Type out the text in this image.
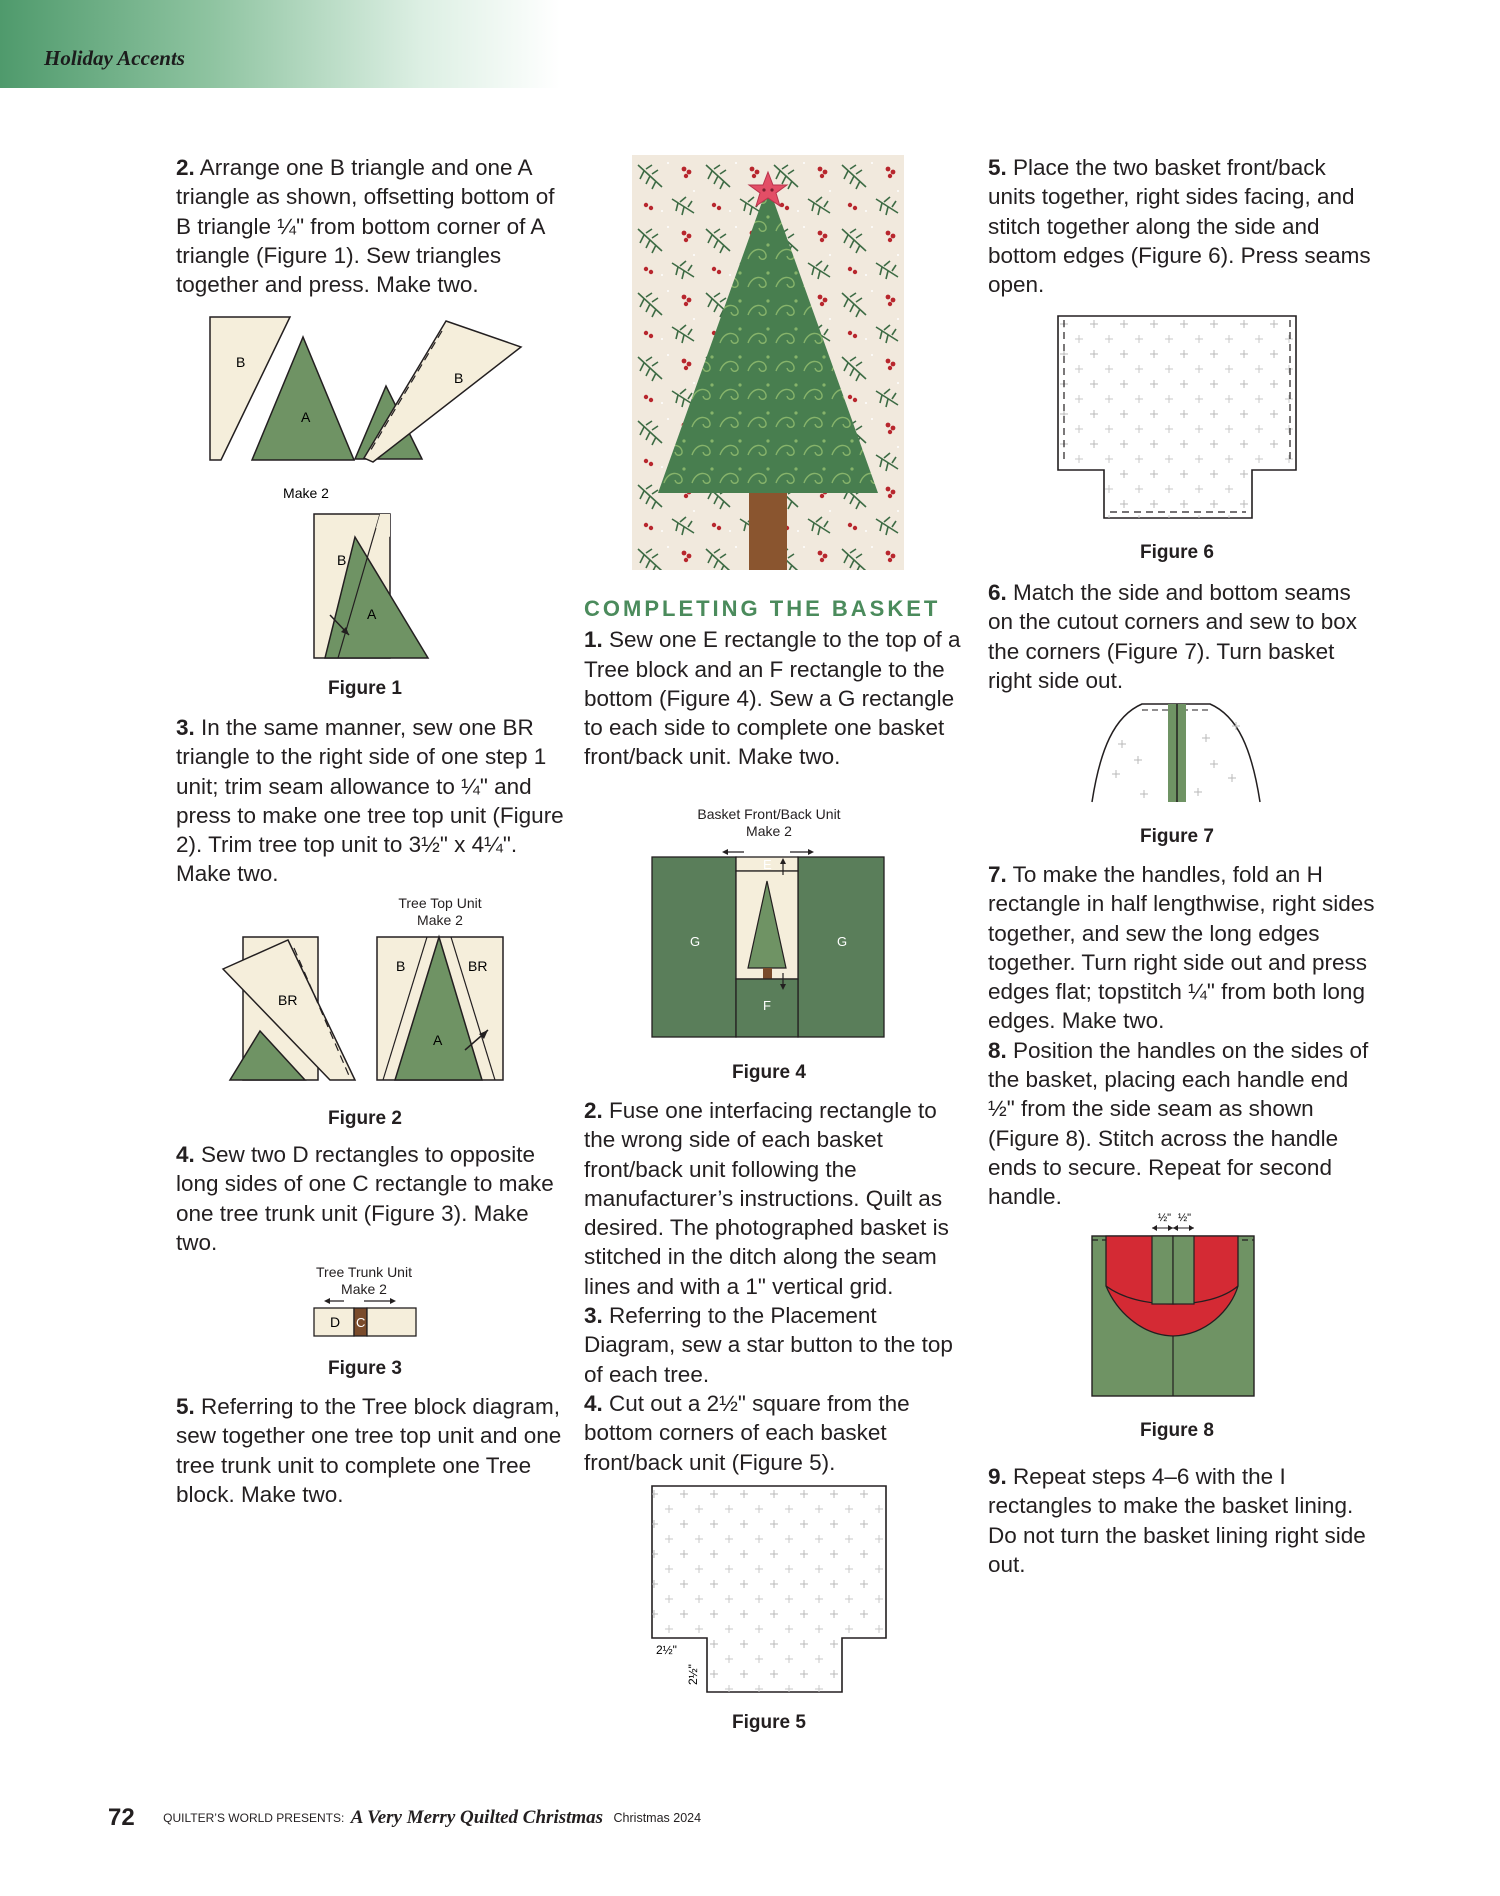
Holiday Accents

2. Arrange one B triangle and one A triangle as shown, offsetting bottom of B triangle ¼" from bottom corner of A triangle (Figure 1). Sew triangles together and press. Make two.

B
A
B
Make 2
B
A
Figure 1

3. In the same manner, sew one BR triangle to the right side of one step 1 unit; trim seam allowance to ¼" and press to make one tree top unit (Figure 2). Trim tree top unit to 3½" x 4¼". Make two.

Tree Top Unit
Make 2
BR
B	BR
A
Figure 2

4. Sew two D rectangles to opposite long sides of one C rectangle to make one tree trunk unit (Figure 3). Make two.

Tree Trunk Unit
Make 2
D C
Figure 3

5. Referring to the Tree block diagram, sew together one tree top unit and one tree trunk unit to complete one Tree block. Make two.

COMPLETING THE BASKET

1. Sew one E rectangle to the top of a Tree block and an F rectangle to the bottom (Figure 4). Sew a G rectangle to each side to complete one basket front/back unit. Make two.

Basket Front/Back Unit
Make 2
E
G	G
F
Figure 4

2. Fuse one interfacing rectangle to the wrong side of each basket front/back unit following the manufacturer’s instructions. Quilt as desired. The photographed basket is stitched in the ditch along the seam lines and with a 1" vertical grid.

3. Referring to the Placement Diagram, sew a star button to the top of each tree.

4. Cut out a 2½" square from the bottom corners of each basket front/back unit (Figure 5).

2½"
2½"
Figure 5

5. Place the two basket front/back units together, right sides facing, and stitch together along the side and bottom edges (Figure 6). Press seams open.

Figure 6

6. Match the side and bottom seams on the cutout corners and sew to box the corners (Figure 7). Turn basket right side out.

Figure 7

7. To make the handles, fold an H rectangle in half lengthwise, right sides together, and sew the long edges together. Turn right side out and press edges flat; topstitch ¼" from both long edges. Make two.

8. Position the handles on the sides of the basket, placing each handle end ½" from the side seam as shown (Figure 8). Stitch across the handle ends to secure. Repeat for second handle.

½" ½"
Figure 8

9. Repeat steps 4–6 with the I rectangles to make the basket lining. Do not turn the basket lining right side out.

72 QUILTER’S WORLD PRESENTS: A Very Merry Quilted Christmas Christmas 2024
